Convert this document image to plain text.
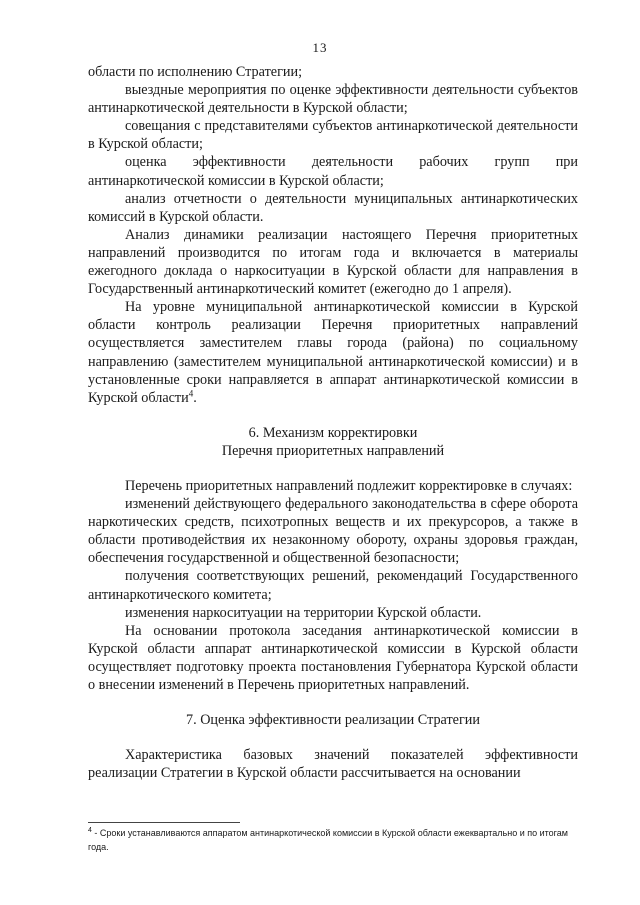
13

области по исполнению Стратегии;

выездные мероприятия по оценке эффективности деятельности субъектов антинаркотической деятельности в Курской области;

совещания с представителями субъектов антинаркотической деятельности в Курской области;

оценка эффективности деятельности рабочих групп при антинаркотической комиссии в Курской области;

анализ отчетности о деятельности муниципальных антинаркотических комиссий в Курской области.

Анализ динамики реализации настоящего Перечня приоритетных направлений производится по итогам года и включается в материалы ежегодного доклада о наркоситуации в Курской области для направления в Государственный антинаркотический комитет (ежегодно до 1 апреля).

На уровне муниципальной антинаркотической комиссии в Курской области контроль реализации Перечня приоритетных направлений осуществляется заместителем главы города (района) по социальному направлению (заместителем муниципальной антинаркотической комиссии) и в установленные сроки направляется в аппарат антинаркотической комиссии в Курской области$^4$.

6. Механизм корректировки

Перечня приоритетных направлений

Перечень приоритетных направлений подлежит корректировке в случаях:

изменений действующего федерального законодательства в сфере оборота наркотических средств, психотропных веществ и их прекурсоров, а также в области противодействия их незаконному обороту, охраны здоровья граждан, обеспечения государственной и общественной безопасности;

получения соответствующих решений, рекомендаций Государственного антинаркотического комитета;

изменения наркоситуации на территории Курской области.

На основании протокола заседания антинаркотической комиссии в Курской области аппарат антинаркотической комиссии в Курской области осуществляет подготовку проекта постановления Губернатора Курской области о внесении изменений в Перечень приоритетных направлений.

7. Оценка эффективности реализации Стратегии

Характеристика базовых значений показателей эффективности реализации Стратегии в Курской области рассчитывается на основании

$^4$ - Сроки устанавливаются аппаратом антинаркотической комиссии в Курской области ежеквартально и по итогам года.
